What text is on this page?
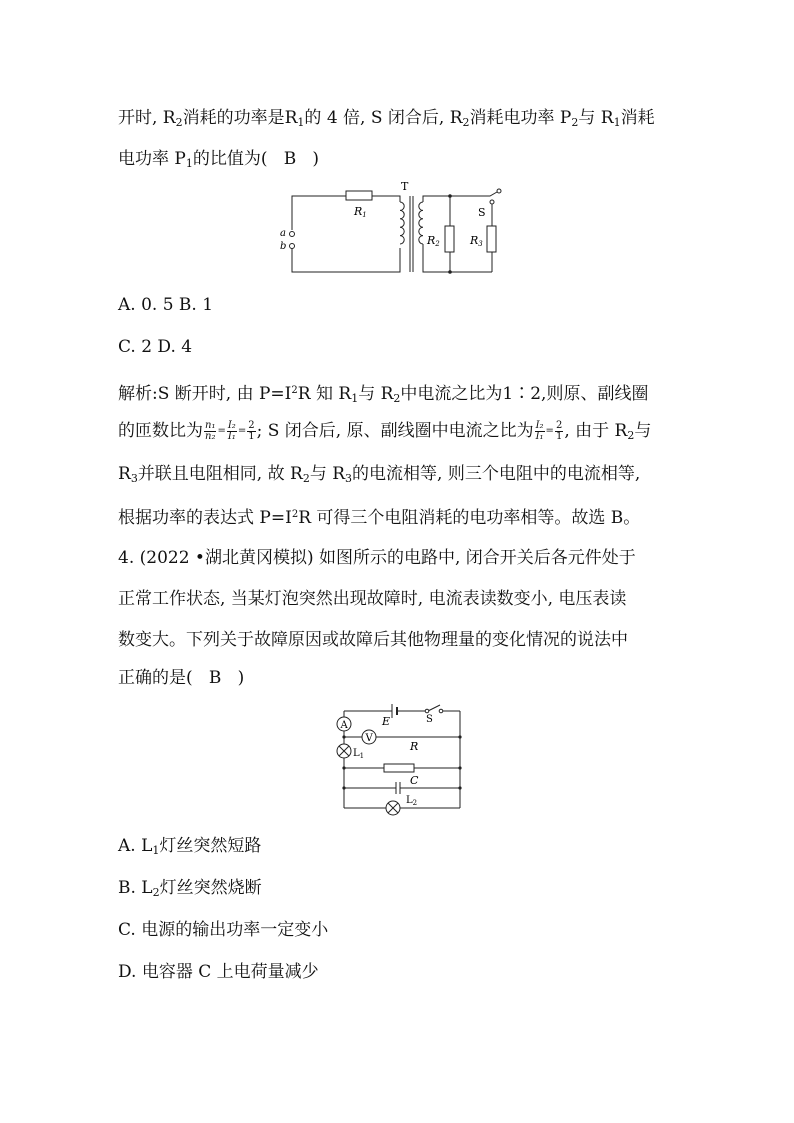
开时, $R_2$消耗的功率是$R_1$的 4 倍, S 闭合后, $R_2$消耗电功率 $P_2$与 $R_1$消耗
电功率 $P_1$的比值为( B )
T
R1
a
b
S
R2	R3
A. 0. 5 B. 1
C. 2 D. 4
解析:S 断开时, 由 $P=I^2R$ 知 $R_1$与 $R_2$中电流之比为1∶2,则原、副线圈
的匝数比为 $\frac{\text{n₁}}{\text{n₂}} = \frac{\text{I₂}}{\text{I₁}} = \frac{2}{1}$ ; S 闭合后, 原、副线圈中电流之比为 $\frac{\text{I₂}}{\text{I₁}} = \frac{2}{1}$ , 由于 $R_2$与
$R_3$并联且电阻相同, 故 $R_2$与 $R_3$的电流相等, 则三个电阻中的电流相等,
根据功率的表达式 $P=I^2R$ 可得三个电阻消耗的电功率相等。故选 B。
4. (2022 •湖北黄冈模拟) 如图所示的电路中, 闭合开关后各元件处于
正常工作状态, 当某灯泡突然出现故障时, 电流表读数变小, 电压表读
数变大。下列关于故障原因或故障后其他物理量的变化情况的说法中
正确的是( B )
A
V
E	S
R
$L_1$
C
$L_2$
A. $L_1$灯丝突然短路
B. $L_2$灯丝突然烧断
C. 电源的输出功率一定变小
D. 电容器 C 上电荷量减少
